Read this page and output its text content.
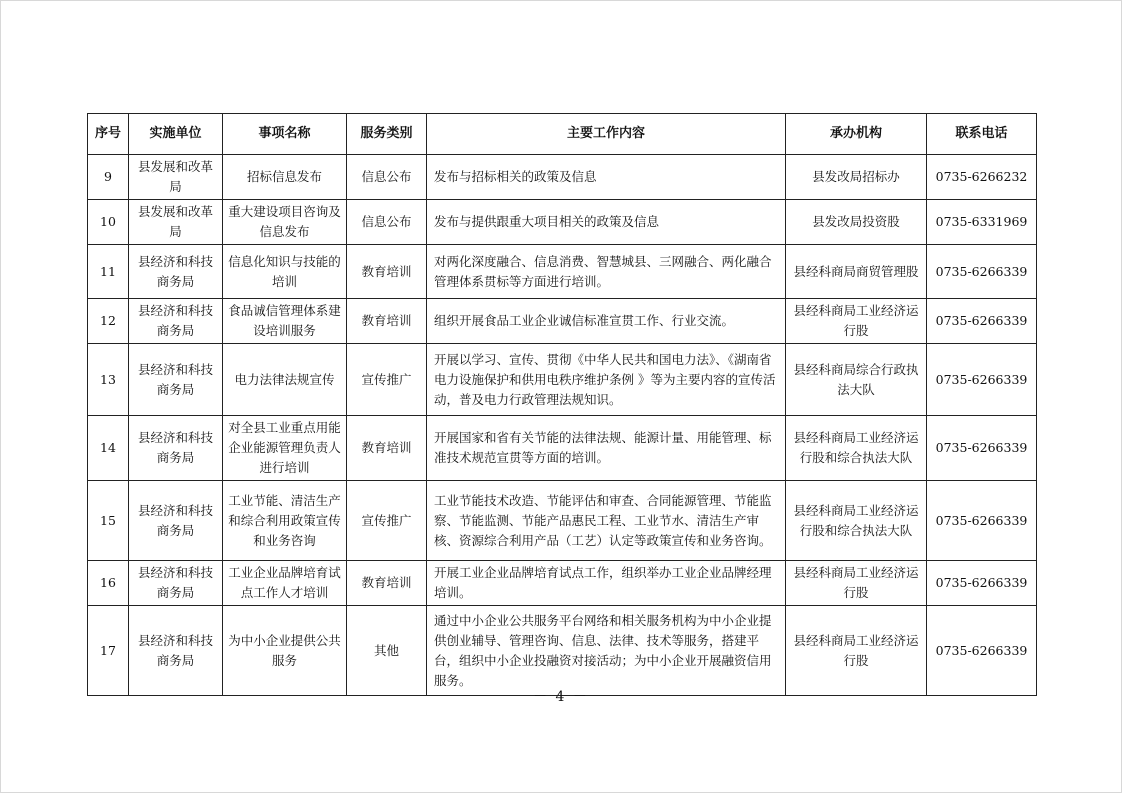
序号	实施单位	事项名称	服务类别	主要工作内容	承办机构	联系电话
9	县发展和改革局	招标信息发布	信息公布	发布与招标相关的政策及信息	县发改局招标办	0735-6266232
10	县发展和改革局	重大建设项目咨询及信息发布	信息公布	发布与提供跟重大项目相关的政策及信息	县发改局投资股	0735-6331969
11	县经济和科技商务局	信息化知识与技能的培训	教育培训	对两化深度融合、信息消费、智慧城县、三网融合、两化融合管理体系贯标等方面进行培训。	县经科商局商贸管理股	0735-6266339
12	县经济和科技商务局	食品诚信管理体系建设培训服务	教育培训	组织开展食品工业企业诚信标准宣贯工作、行业交流。	县经科商局工业经济运行股	0735-6266339
13	县经济和科技商务局	电力法律法规宣传	宣传推广	开展以学习、宣传、贯彻《中华人民共和国电力法》、《湖南省电力设施保护和供用电秩序维护条例 》等为主要内容的宣传活动，普及电力行政管理法规知识。	县经科商局综合行政执法大队	0735-6266339
14	县经济和科技商务局	对全县工业重点用能企业能源管理负责人进行培训	教育培训	开展国家和省有关节能的法律法规、能源计量、用能管理、标准技术规范宣贯等方面的培训。	县经科商局工业经济运行股和综合执法大队	0735-6266339
15	县经济和科技商务局	工业节能、清洁生产和综合利用政策宣传和业务咨询	宣传推广	工业节能技术改造、节能评估和审查、合同能源管理、节能监察、节能监测、节能产品惠民工程、工业节水、清洁生产审核、资源综合利用产品（工艺）认定等政策宣传和业务咨询。	县经科商局工业经济运行股和综合执法大队	0735-6266339
16	县经济和科技商务局	工业企业品牌培育试点工作人才培训	教育培训	开展工业企业品牌培育试点工作，组织举办工业企业品牌经理培训。	县经科商局工业经济运行股	0735-6266339
17	县经济和科技商务局	为中小企业提供公共服务	其他	通过中小企业公共服务平台网络和相关服务机构为中小企业提供创业辅导、管理咨询、信息、法律、技术等服务，搭建平台，组织中小企业投融资对接活动；为中小企业开展融资信用服务。	县经科商局工业经济运行股	0735-6266339
－ 4 －
